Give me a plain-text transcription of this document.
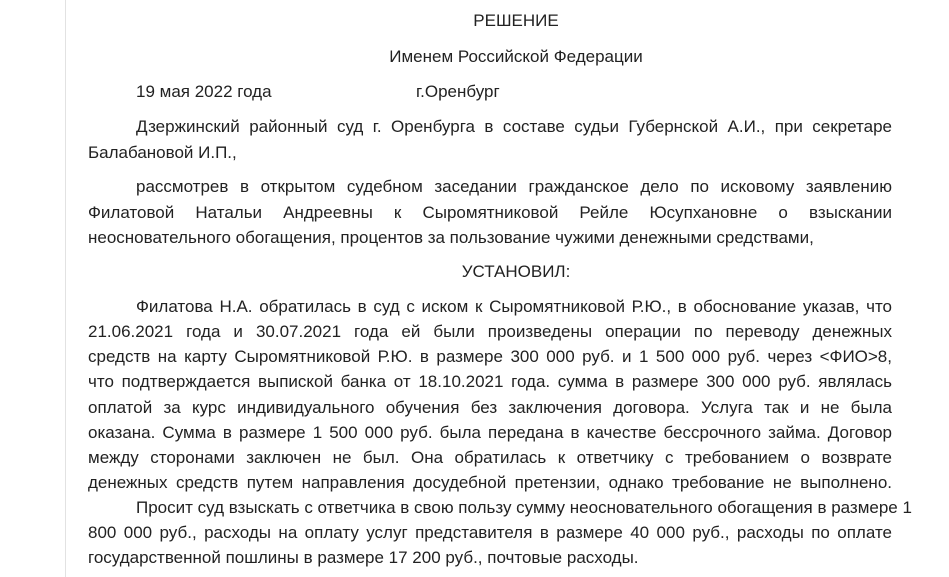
РЕШЕНИЕ
Именем Российской Федерации
19 мая 2022 года	г.Оренбург
Дзержинский районный суд г. Оренбурга в составе судьи Губернской А.И., при секретаре
Балабановой И.П.,
рассмотрев в открытом судебном заседании гражданское дело по исковому заявлению
Филатовой Натальи Андреевны к Сыромятниковой Рейле Юсупхановне о взыскании
неосновательного обогащения, процентов за пользование чужими денежными средствами,
УСТАНОВИЛ:
Филатова Н.А. обратилась в суд с иском к Сыромятниковой Р.Ю., в обоснование указав, что
21.06.2021 года и 30.07.2021 года ей были произведены операции по переводу денежных
средств на карту Сыромятниковой Р.Ю. в размере 300 000 руб. и 1 500 000 руб. через <ФИО>8,
что подтверждается выпиской банка от 18.10.2021 года. сумма в размере 300 000 руб. являлась
оплатой за курс индивидуального обучения без заключения договора. Услуга так и не была
оказана. Сумма в размере 1 500 000 руб. была передана в качестве бессрочного займа. Договор
между сторонами заключен не был. Она обратилась к ответчику с требованием о возврате
денежных средств путем направления досудебной претензии, однако требование не выполнено.
Просит суд взыскать с ответчика в свою пользу сумму неосновательного обогащения в размере 1
800 000 руб., расходы на оплату услуг представителя в размере 40 000 руб., расходы по оплате
государственной пошлины в размере 17 200 руб., почтовые расходы.
